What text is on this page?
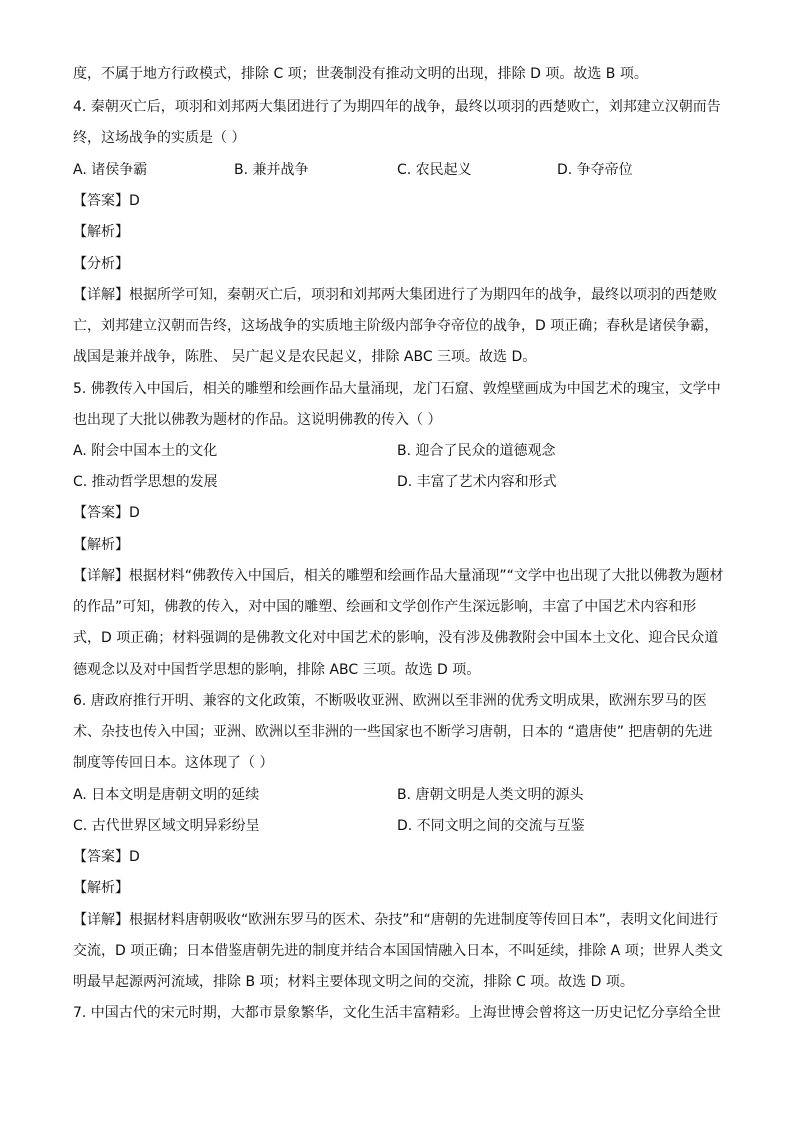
度，不属于地方行政模式，排除 C 项；世袭制没有推动文明的出现，排除 D 项。故选 B 项。
4. 秦朝灭亡后，项羽和刘邦两大集团进行了为期四年的战争，最终以项羽的西楚败亡，刘邦建立汉朝而告
终，这场战争的实质是（ ）
A. 诸侯争霸	B. 兼并战争	C. 农民起义	D. 争夺帝位
【答案】D
【解析】
【分析】
【详解】根据所学可知，秦朝灭亡后，项羽和刘邦两大集团进行了为期四年的战争，最终以项羽的西楚败
亡，刘邦建立汉朝而告终，这场战争的实质地主阶级内部争夺帝位的战争，D 项正确；春秋是诸侯争霸，
战国是兼并战争，陈胜、 吴广起义是农民起义，排除 ABC 三项。故选 D。
5. 佛教传入中国后，相关的雕塑和绘画作品大量涌现，龙门石窟、敦煌壁画成为中国艺术的瑰宝，文学中
也出现了大批以佛教为题材的作品。这说明佛教的传入（ ）
A. 附会中国本土的文化	B. 迎合了民众的道德观念
C. 推动哲学思想的发展	D. 丰富了艺术内容和形式
【答案】D
【解析】
【详解】根据材料“佛教传入中国后，相关的雕塑和绘画作品大量涌现”“文学中也出现了大批以佛教为题材
的作品”可知，佛教的传入，对中国的雕塑、绘画和文学创作产生深远影响，丰富了中国艺术内容和形
式，D 项正确；材料强调的是佛教文化对中国艺术的影响，没有涉及佛教附会中国本土文化、迎合民众道
德观念以及对中国哲学思想的影响，排除 ABC 三项。故选 D 项。
6. 唐政府推行开明、兼容的文化政策，不断吸收亚洲、欧洲以至非洲的优秀文明成果，欧洲东罗马的医
术、杂技也传入中国；亚洲、欧洲以至非洲的一些国家也不断学习唐朝，日本的 “遣唐使” 把唐朝的先进
制度等传回日本。这体现了（ ）
A. 日本文明是唐朝文明的延续	B. 唐朝文明是人类文明的源头
C. 古代世界区域文明异彩纷呈	D. 不同文明之间的交流与互鉴
【答案】D
【解析】
【详解】根据材料唐朝吸收“欧洲东罗马的医术、杂技”和“唐朝的先进制度等传回日本”，表明文化间进行
交流，D 项正确；日本借鉴唐朝先进的制度并结合本国国情融入日本，不叫延续，排除 A 项；世界人类文
明最早起源两河流域，排除 B 项；材料主要体现文明之间的交流，排除 C 项。故选 D 项。
7. 中国古代的宋元时期，大都市景象繁华，文化生活丰富精彩。上海世博会曾将这一历史记忆分享给全世
